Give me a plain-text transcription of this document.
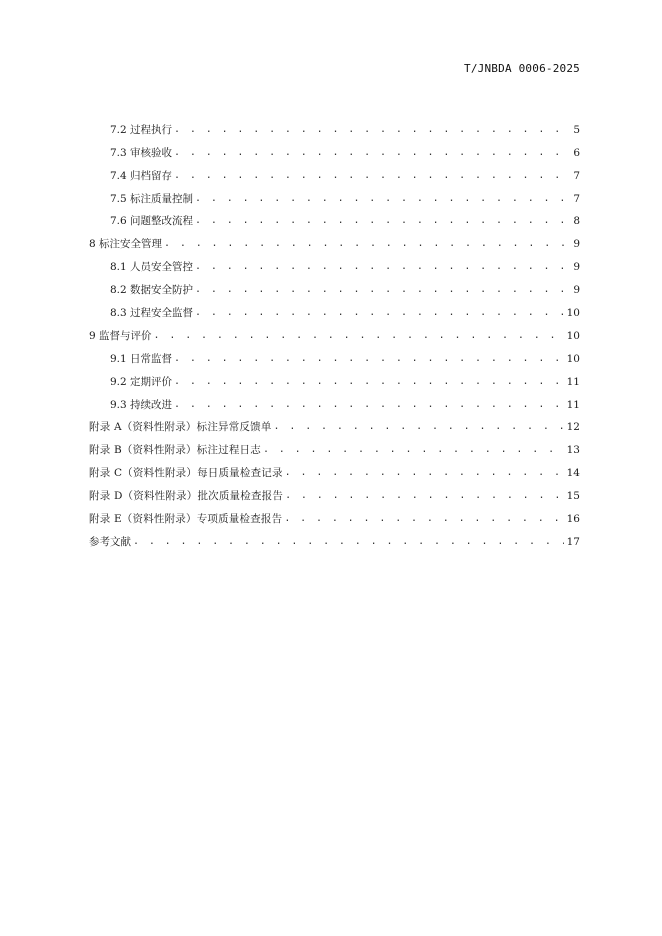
T/JNBDA 0006-2025
7.2 过程执行 . . .	5
7.3 审核验收 . . .	6
7.4 归档留存 . . .	7
7.5 标注质量控制 . . .	7
7.6 问题整改流程 . . .	8
8 标注安全管理 . . .	9
8.1 人员安全管控 . . .	9
8.2 数据安全防护 . . .	9
8.3 过程安全监督 . . .	10
9 监督与评价 . . .	10
9.1 日常监督 . . .	10
9.2 定期评价 . . .	11
9.3 持续改进 . . .	11
附录 A（资料性附录）标注异常反馈单 . . .	12
附录 B（资料性附录）标注过程日志 . . .	13
附录 C（资料性附录）每日质量检查记录 . . .	14
附录 D（资料性附录）批次质量检查报告 . . .	15
附录 E（资料性附录）专项质量检查报告 . . .	16
参考文献 . . .	17
